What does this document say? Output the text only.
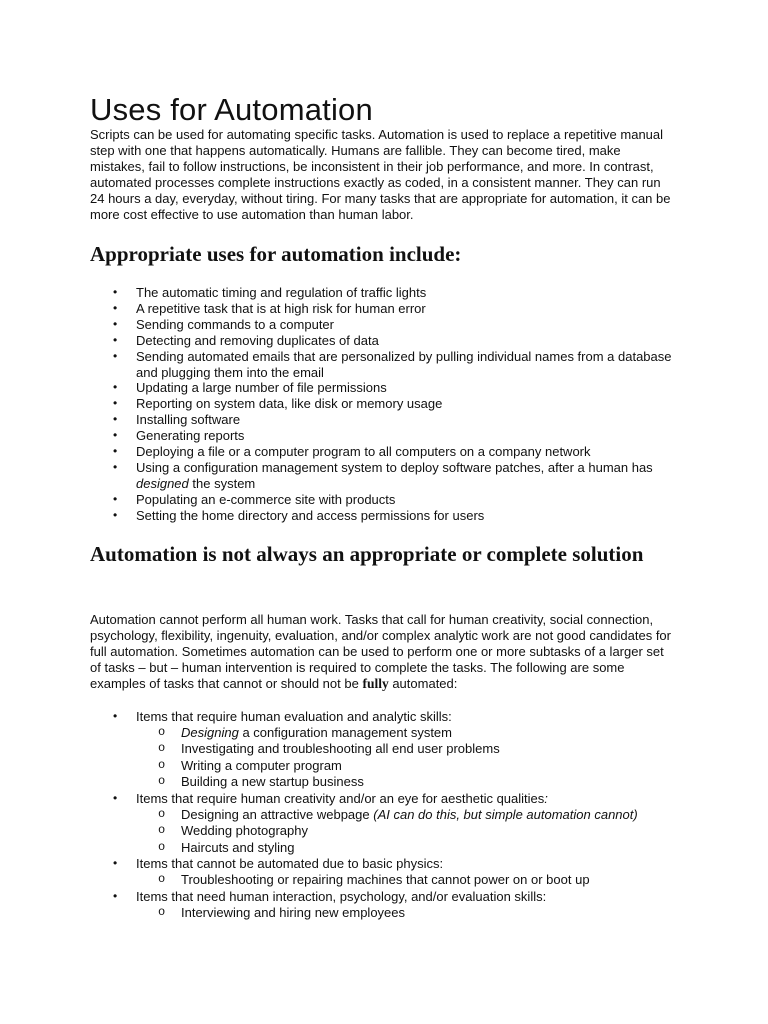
Uses for Automation

Scripts can be used for automating specific tasks. Automation is used to replace a repetitive manual step with one that happens automatically. Humans are fallible. They can become tired, make mistakes, fail to follow instructions, be inconsistent in their job performance, and more. In contrast, automated processes complete instructions exactly as coded, in a consistent manner. They can run 24 hours a day, everyday, without tiring. For many tasks that are appropriate for automation, it can be more cost effective to use automation than human labor.

Appropriate uses for automation include:
• The automatic timing and regulation of traffic lights
• A repetitive task that is at high risk for human error
• Sending commands to a computer
• Detecting and removing duplicates of data
• Sending automated emails that are personalized by pulling individual names from a database and plugging them into the email
• Updating a large number of file permissions
• Reporting on system data, like disk or memory usage
• Installing software
• Generating reports
• Deploying a file or a computer program to all computers on a company network
• Using a configuration management system to deploy software patches, after a human has designed the system
• Populating an e-commerce site with products
• Setting the home directory and access permissions for users
Automation is not always an appropriate or complete solution

Automation cannot perform all human work. Tasks that call for human creativity, social connection, psychology, flexibility, ingenuity, evaluation, and/or complex analytic work are not good candidates for full automation. Sometimes automation can be used to perform one or more subtasks of a larger set of tasks – but – human intervention is required to complete the tasks. The following are some examples of tasks that cannot or should not be fully automated:

• Items that require human evaluation and analytic skills:
o Designing a configuration management system
o Investigating and troubleshooting all end user problems
o Writing a computer program
o Building a new startup business
• Items that require human creativity and/or an eye for aesthetic qualities:
o Designing an attractive webpage (AI can do this, but simple automation cannot)
o Wedding photography
o Haircuts and styling
• Items that cannot be automated due to basic physics:
o Troubleshooting or repairing machines that cannot power on or boot up
• Items that need human interaction, psychology, and/or evaluation skills:
o Interviewing and hiring new employees
